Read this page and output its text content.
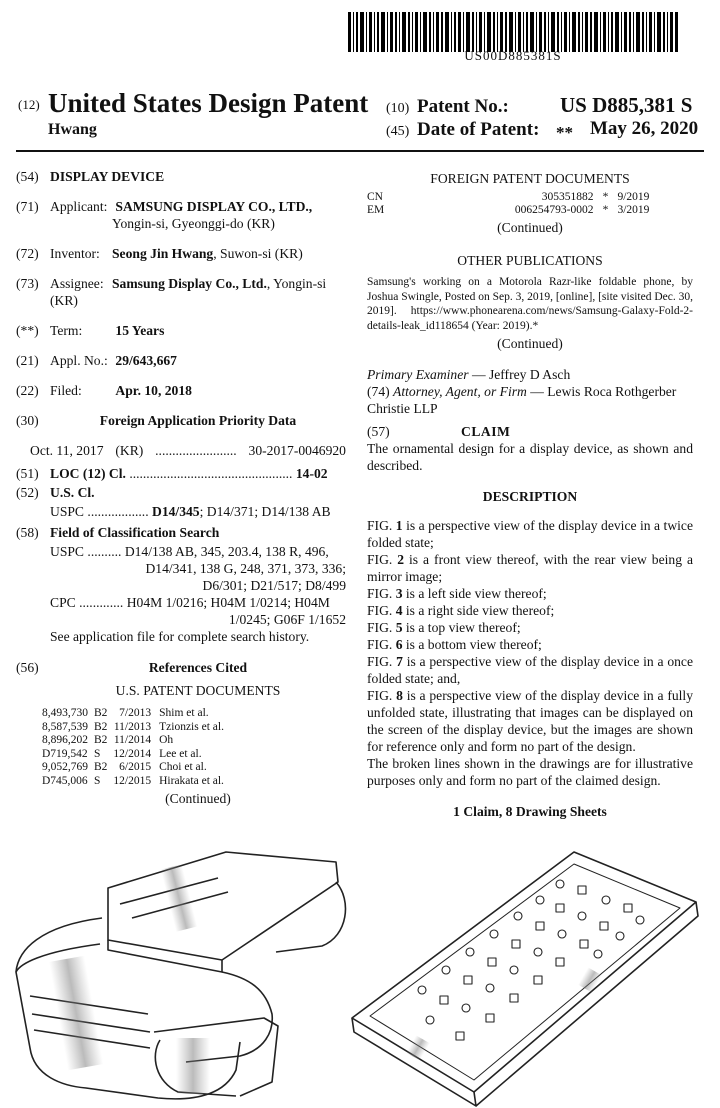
US00D885381S
(12) United States Design Patent
Hwang
(10) Patent No.: US D885,381 S
(45) Date of Patent: ** May 26, 2020
(54) DISPLAY DEVICE
(71) Applicant: SAMSUNG DISPLAY CO., LTD.,
Yongin-si, Gyeonggi-do (KR)
(72) Inventor: Seong Jin Hwang, Suwon-si (KR)
(73) Assignee: Samsung Display Co., Ltd., Yongin-si (KR)
(**) Term: 15 Years
(21) Appl. No.: 29/643,667
(22) Filed: Apr. 10, 2018
(30)	Foreign Application Priority Data
Oct. 11, 2017 (KR) ........................ 30-2017-0046920
(51) LOC (12) Cl. ................................................ 14-02
(52) U.S. Cl.
USPC .................. D14/345; D14/371; D14/138 AB
(58) Field of Classification Search
USPC .......... D14/138 AB, 345, 203.4, 138 R, 496,
D14/341, 138 G, 248, 371, 373, 336;
D6/301; D21/517; D8/499
CPC ............. H04M 1/0216; H04M 1/0214; H04M
1/0245; G06F 1/1652
See application file for complete search history.
(56)	References Cited
U.S. PATENT DOCUMENTS
8,493,730	B2	7/2013	Shim et al.
8,587,539	B2	11/2013	Tzionzis et al.
8,896,202	B2	11/2014	Oh
D719,542	S	12/2014	Lee et al.
9,052,769	B2	6/2015	Choi et al.
D745,006	S	12/2015	Hirakata et al.
(Continued)
FOREIGN PATENT DOCUMENTS
CN	305351882	*	9/2019
EM	006254793-0002	*	3/2019
(Continued)
OTHER PUBLICATIONS

Samsung's working on a Motorola Razr-like foldable phone, by Joshua Swingle, Posted on Sep. 3, 2019, [online], [site visited Dec. 30, 2019]. https://www.phonearena.com/news/Samsung-Galaxy-Fold-2-details-leak_id118654 (Year: 2019).*

(Continued)

Primary Examiner — Jeffrey D Asch

(74) Attorney, Agent, or Firm — Lewis Roca Rothgerber Christie LLP

(57)	CLAIM

The ornamental design for a display device, as shown and described.

DESCRIPTION

FIG. 1 is a perspective view of the display device in a twice folded state;

FIG. 2 is a front view thereof, with the rear view being a mirror image;

FIG. 3 is a left side view thereof;

FIG. 4 is a right side view thereof;

FIG. 5 is a top view thereof;

FIG. 6 is a bottom view thereof;

FIG. 7 is a perspective view of the display device in a once folded state; and,

FIG. 8 is a perspective view of the display device in a fully unfolded state, illustrating that images can be displayed on the screen of the display device, but the images are shown for reference only and form no part of the design.

The broken lines shown in the drawings are for illustrative purposes only and form no part of the claimed design.

1 Claim, 8 Drawing Sheets
